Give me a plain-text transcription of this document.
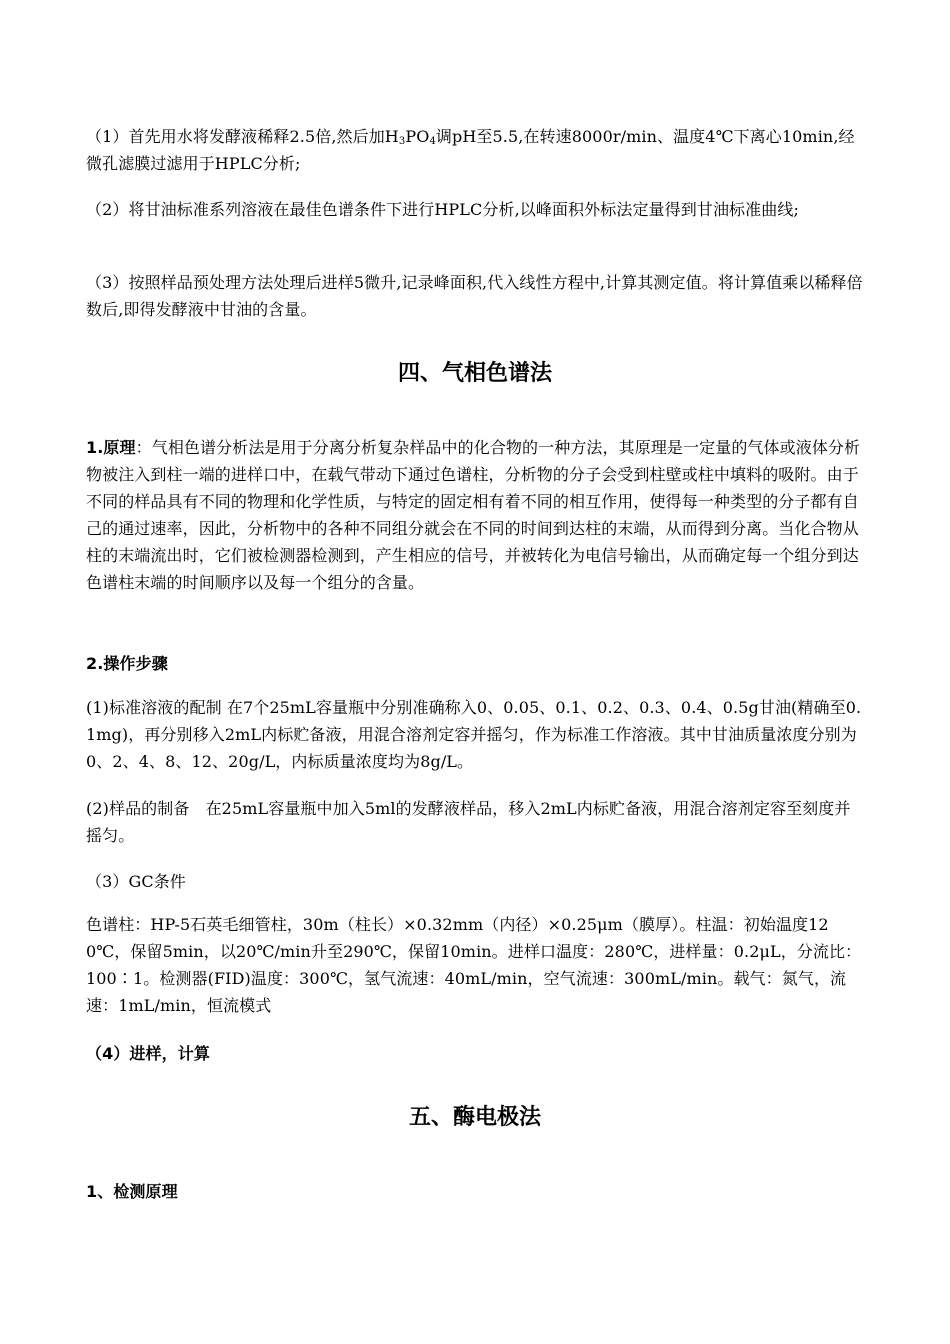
（1）首先用水将发酵液稀释2.5倍,然后加$H_3PO_4$调pH至5.5,在转速8000r/min、温度4℃下离心10min,经微孔滤膜过滤用于HPLC分析;

（2）将甘油标准系列溶液在最佳色谱条件下进行HPLC分析,以峰面积外标法定量得到甘油标准曲线;

（3）按照样品预处理方法处理后进样5微升,记录峰面积,代入线性方程中,计算其测定值。将计算值乘以稀释倍数后,即得发酵液中甘油的含量。

四、气相色谱法

1.原理：气相色谱分析法是用于分离分析复杂样品中的化合物的一种方法，其原理是一定量的气体或液体分析物被注入到柱一端的进样口中，在载气带动下通过色谱柱，分析物的分子会受到柱壁或柱中填料的吸附。由于不同的样品具有不同的物理和化学性质，与特定的固定相有着不同的相互作用，使得每一种类型的分子都有自己的通过速率，因此，分析物中的各种不同组分就会在不同的时间到达柱的末端，从而得到分离。当化合物从柱的末端流出时，它们被检测器检测到，产生相应的信号，并被转化为电信号输出，从而确定每一个组分到达色谱柱末端的时间顺序以及每一个组分的含量。

2.操作步骤

(1)标准溶液的配制 在7个25mL容量瓶中分别准确称入0、0.05、0.1、0.2、0.3、0.4、0.5g甘油(精确至0.1mg)，再分别移入2mL内标贮备液，用混合溶剂定容并摇匀，作为标准工作溶液。其中甘油质量浓度分别为0、2、4、8、12、20g/L，内标质量浓度均为8g/L。

(2)样品的制备　在25mL容量瓶中加入5ml的发酵液样品，移入2mL内标贮备液，用混合溶剂定容至刻度并摇匀。

（3）GC条件

色谱柱：HP-5石英毛细管柱，30m（柱长）×0.32mm（内径）×0.25μm（膜厚）。柱温：初始温度120℃，保留5min，以20℃/min升至290℃，保留10min。进样口温度：280℃，进样量：0.2μL，分流比：100∶1。检测器(FID)温度：300℃，氢气流速：40mL/min，空气流速：300mL/min。载气：氮气，流速：1mL/min，恒流模式

（4）进样，计算

五、酶电极法

1、检测原理
